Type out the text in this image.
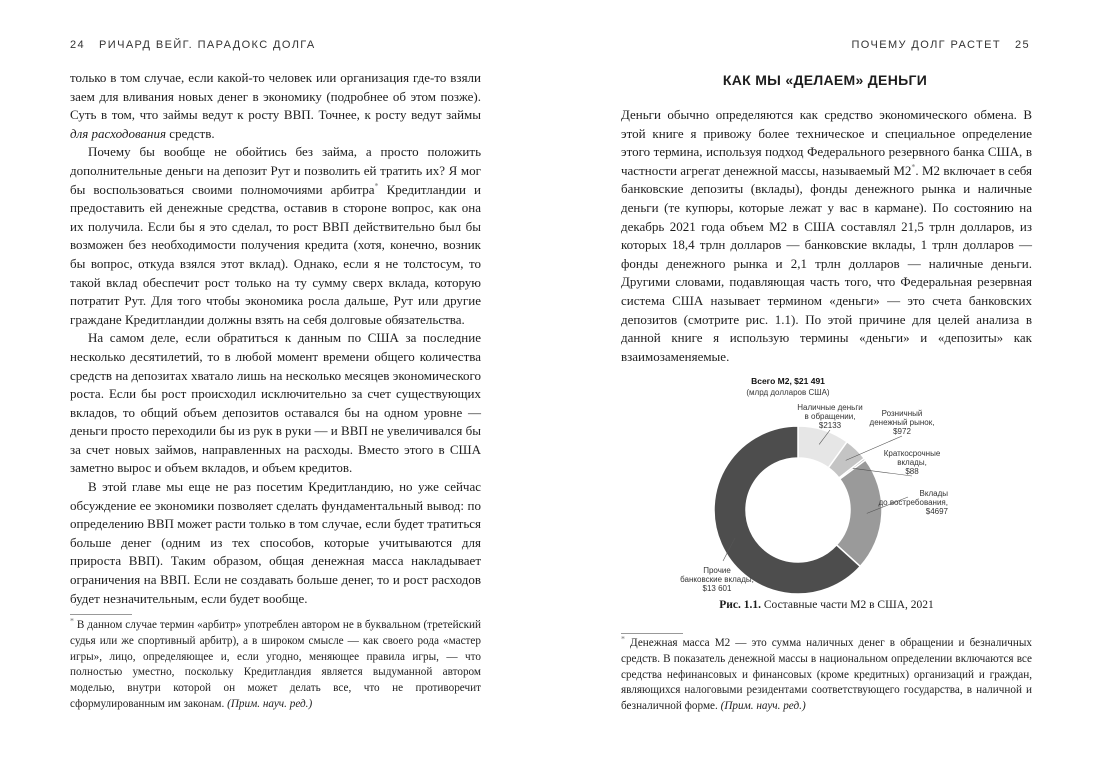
24 РИЧАРД ВЕЙГ. ПАРАДОКС ДОЛГА

только в том случае, если какой-то человек или организация где-то взяли заем для вливания новых денег в экономику (подробнее об этом позже). Суть в том, что займы ведут к росту ВВП. Точнее, к росту ведут займы для расходования средств.

Почему бы вообще не обойтись без займа, а просто положить дополнительные деньги на депозит Рут и позволить ей тратить их? Я мог бы воспользоваться своими полномочиями арбитра* Кредитландии и предоставить ей денежные средства, оставив в стороне вопрос, как она их получила. Если бы я это сделал, то рост ВВП действительно был бы возможен без необходимости получения кредита (хотя, конечно, возник бы вопрос, откуда взялся этот вклад). Однако, если я не толстосум, то такой вклад обеспечит рост только на ту сумму сверх вклада, которую потратит Рут. Для того чтобы экономика росла дальше, Рут или другие граждане Кредитландии должны взять на себя долговые обязательства.

На самом деле, если обратиться к данным по США за последние несколько десятилетий, то в любой момент времени общего количества средств на депозитах хватало лишь на несколько месяцев экономического роста. Если бы рост происходил исключительно за счет существующих вкладов, то общий объем депозитов оставался бы на одном уровне — деньги просто переходили бы из рук в руки — и ВВП не увеличивался бы за счет новых займов, направленных на расходы. Вместо этого в США заметно вырос и объем вкладов, и объем кредитов.

В этой главе мы еще не раз посетим Кредитландию, но уже сейчас обсуждение ее экономики позволяет сделать фундаментальный вывод: по определению ВВП может расти только в том случае, если будет тратиться больше денег (одним из тех способов, которые учитываются для прироста ВВП). Таким образом, общая денежная масса накладывает ограничения на ВВП. Если не создавать больше денег, то и рост расходов будет незначительным, если будет вообще.

* В данном случае термин «арбитр» употреблен автором не в буквальном (третейский судья или же спортивный арбитр), а в широком смысле — как своего рода «мастер игры», лицо, определяющее и, если угодно, меняющее правила игры, — что полностью уместно, поскольку Кредитландия является выдуманной автором моделью, внутри которой он может делать все, что не противоречит сформулированным им законам. (Прим. науч. ред.)

ПОЧЕМУ ДОЛГ РАСТЕТ 25
КАК МЫ «ДЕЛАЕМ» ДЕНЬГИ

Деньги обычно определяются как средство экономического обмена. В этой книге я привожу более техническое и специальное определение этого термина, используя подход Федерального резервного банка США, в частности агрегат денежной массы, называемый М2*. М2 включает в себя банковские депозиты (вклады), фонды денежного рынка и наличные деньги (те купюры, которые лежат у вас в кармане). По состоянию на декабрь 2021 года объем М2 в США составлял 21,5 трлн долларов, из которых 18,4 трлн долларов — банковские вклады, 1 трлн долларов — фонды денежного рынка и 2,1 трлн долларов — наличные деньги. Другими словами, подавляющая часть того, что Федеральная резервная система США называет термином «деньги» — это счета банковских депозитов (смотрите рис. 1.1). По этой причине для целей анализа в данной книге я использую термины «деньги» и «депозиты» как взаимозаменяемые.

Всего М2, $21 491
(млрд долларов США)
Наличные деньги
в обращении,
$2133
Розничный
денежный рынок,
$972
Краткосрочные
вклады,
$88
Вклады
до востребования,
$4697
Прочие
банковские вклады,
$13 601
Рис. 1.1. Составные части М2 в США, 2021

* Денежная масса М2 — это сумма наличных денег в обращении и безналичных средств. В показатель денежной массы в национальном определении включаются все средства нефинансовых и финансовых (кроме кредитных) организаций и граждан, являющихся налоговыми резидентами соответствующего государства, в наличной и безналичной форме. (Прим. науч. ред.)
